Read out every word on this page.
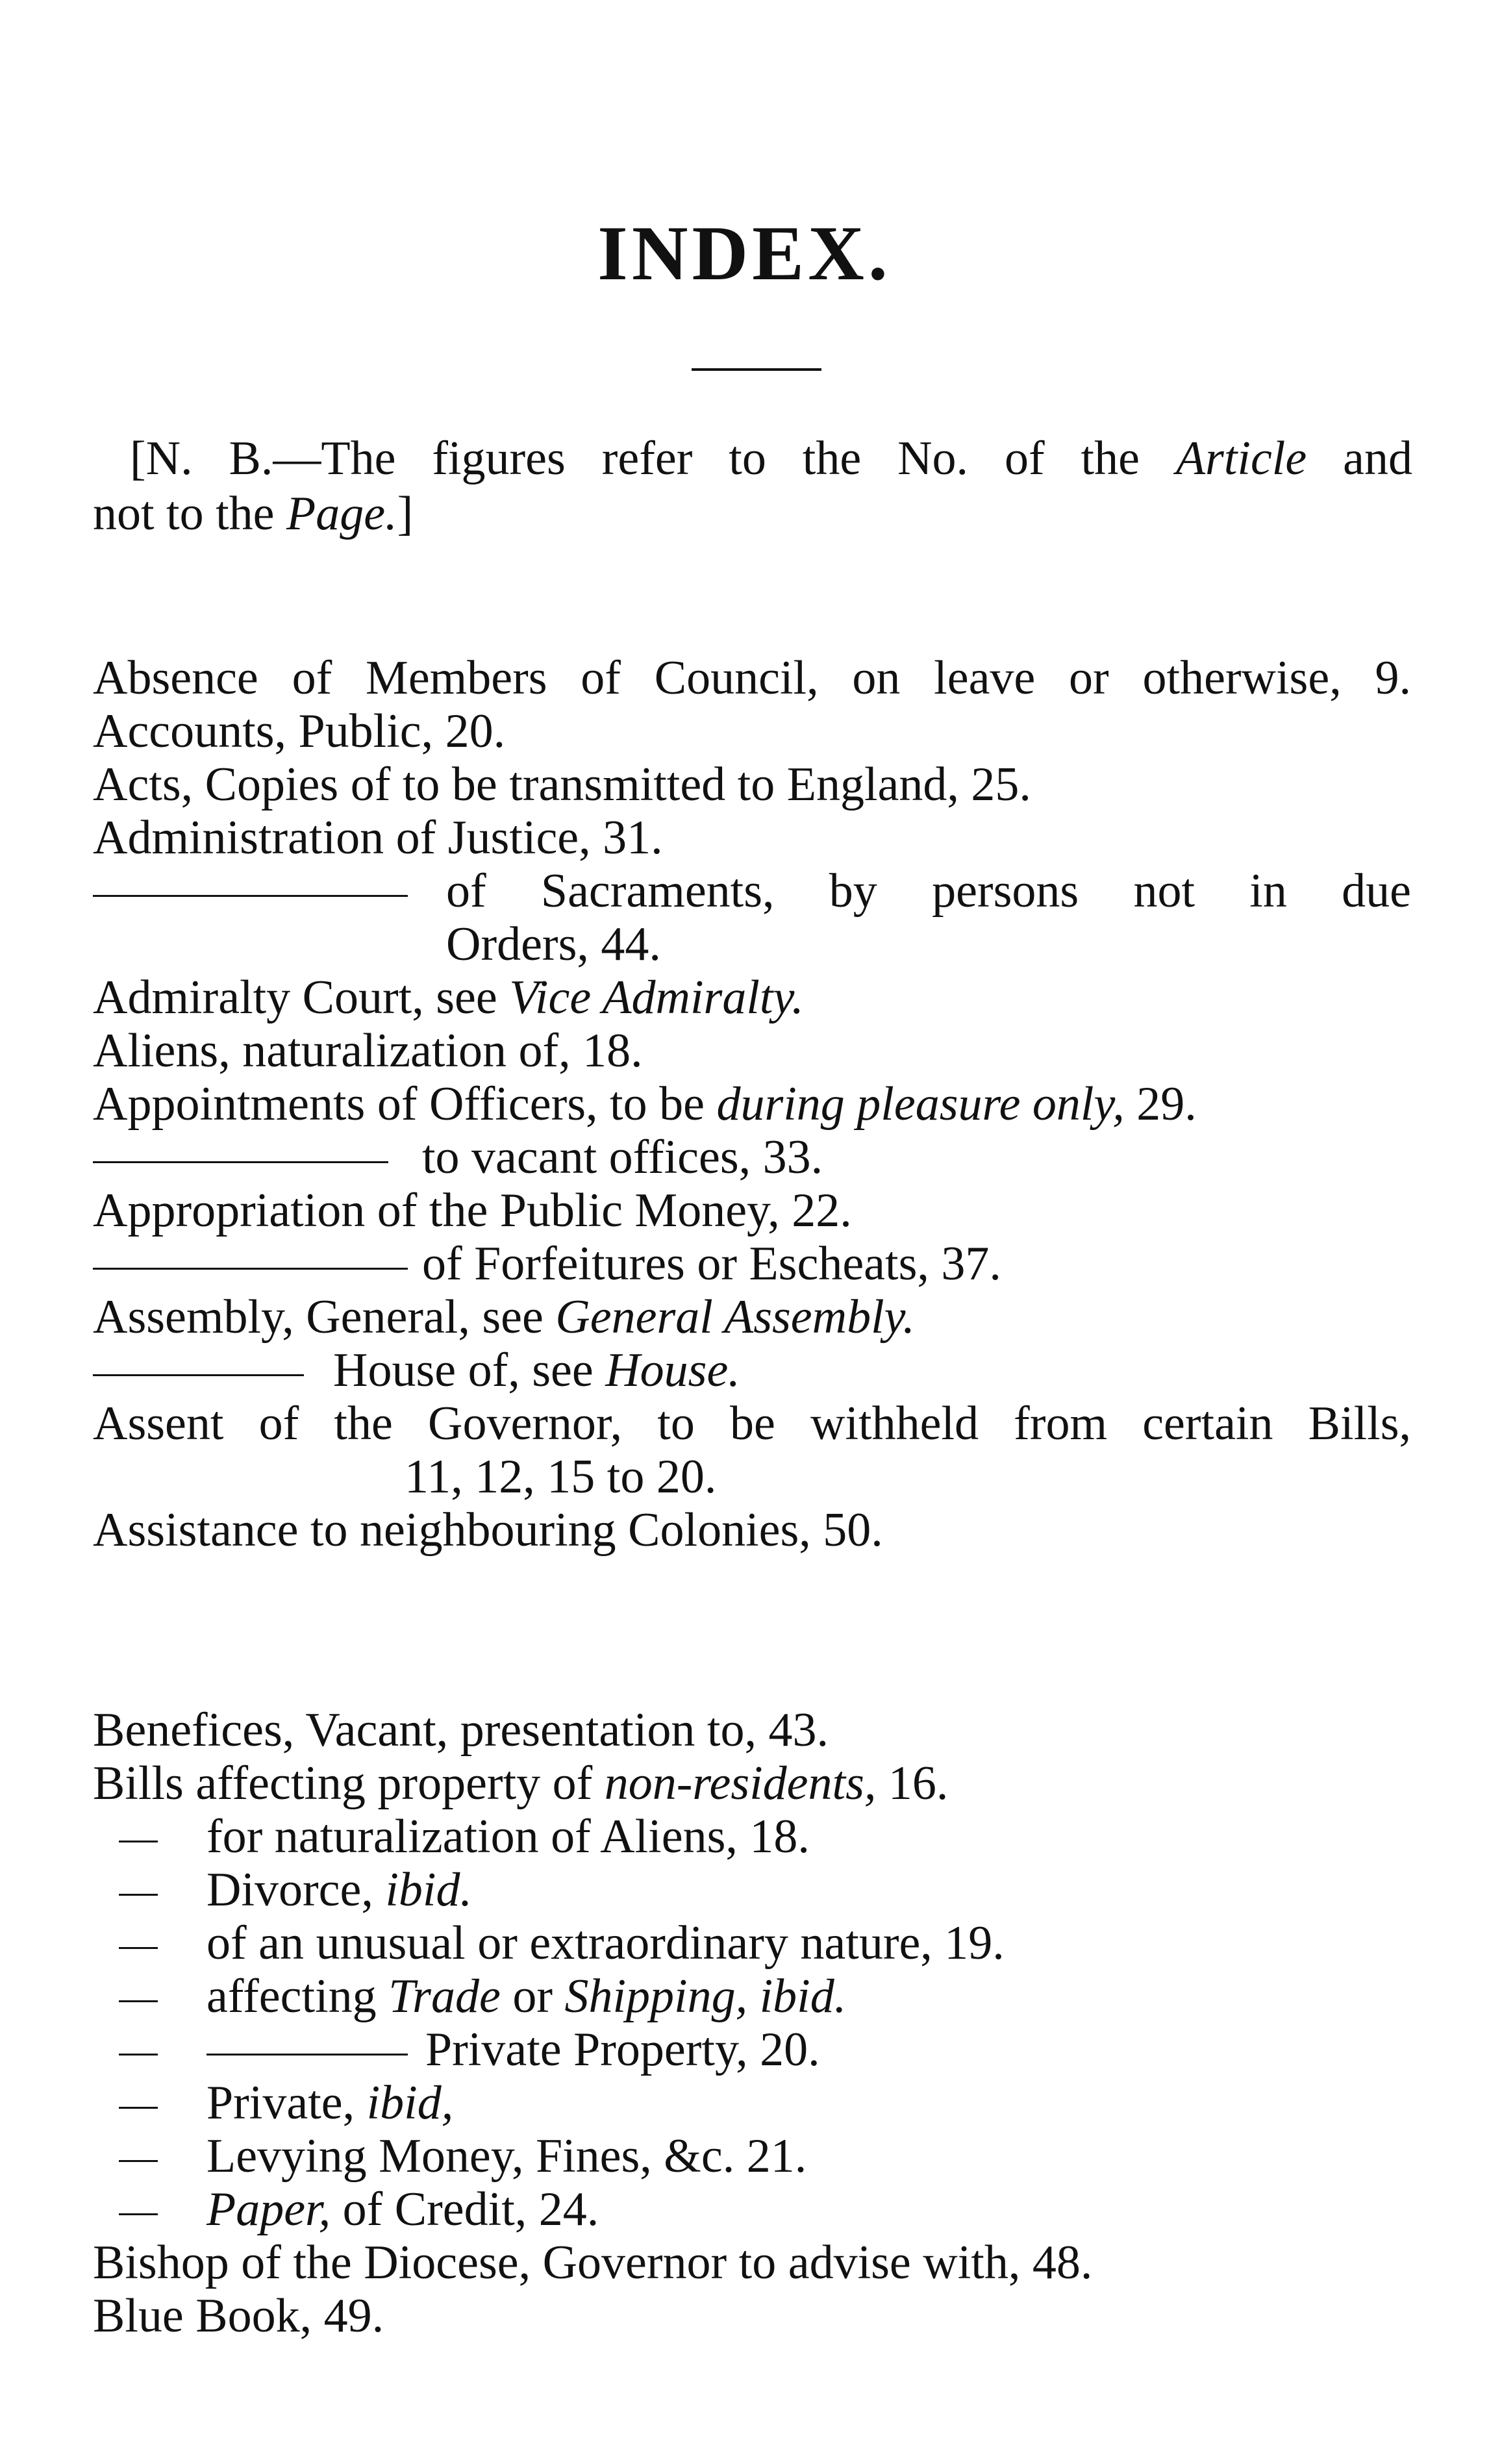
INDEX.
[N. B.—The figures refer to the No. of the Article and
not to the Page.]
Absence of Members of Council, on leave or otherwise, 9.
Accounts, Public, 20.
Acts, Copies of to be transmitted to England, 25.
Administration of Justice, 31.
of Sacraments, by persons not in due
Orders, 44.
Admiralty Court, see Vice Admiralty.
Aliens, naturalization of, 18.
Appointments of Officers, to be during pleasure only, 29.
to vacant offices, 33.
Appropriation of the Public Money, 22.
of Forfeitures or Escheats, 37.
Assembly, General, see General Assembly.
House of, see House.
Assent of the Governor, to be withheld from certain Bills,
11, 12, 15 to 20.
Assistance to neighbouring Colonies, 50.
Benefices, Vacant, presentation to, 43.
Bills affecting property of non-residents, 16.
for naturalization of Aliens, 18.
Divorce, ibid.
of an unusual or extraordinary nature, 19.
affecting Trade or Shipping, ibid.
Private Property, 20.
Private, ibid,
Levying Money, Fines, &c. 21.
Paper, of Credit, 24.
Bishop of the Diocese, Governor to advise with, 48.
Blue Book, 49.
